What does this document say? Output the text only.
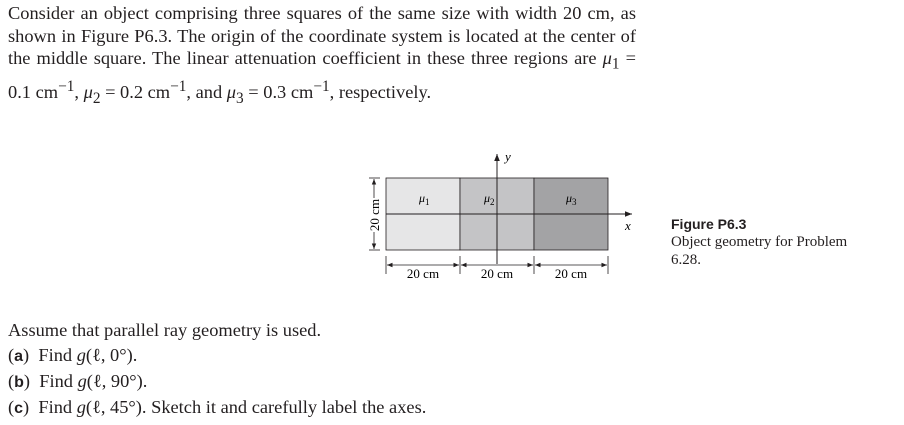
Consider an object comprising three squares of the same size with width 20 cm, as shown in Figure P6.3. The origin of the coordinate system is located at the center of the middle square. The linear attenuation coefficient in these three regions are $\mu_1 = 0.1$ $cm^{-1}$, $\mu_2 = 0.2$ $cm^{-1}$, and $\mu_3 = 0.3$ $cm^{-1}$, respectively.

x
y
$\mu_1$	$\mu_2$	$\mu_3$
20 cm
20 cm	20 cm	20 cm
Figure P6.3
Object geometry for Problem 6.28.
Assume that parallel ray geometry is used.
(a)  Find g(ℓ, 0°).
(b)  Find g(ℓ, 90°).
(c)  Find g(ℓ, 45°). Sketch it and carefully label the axes.
